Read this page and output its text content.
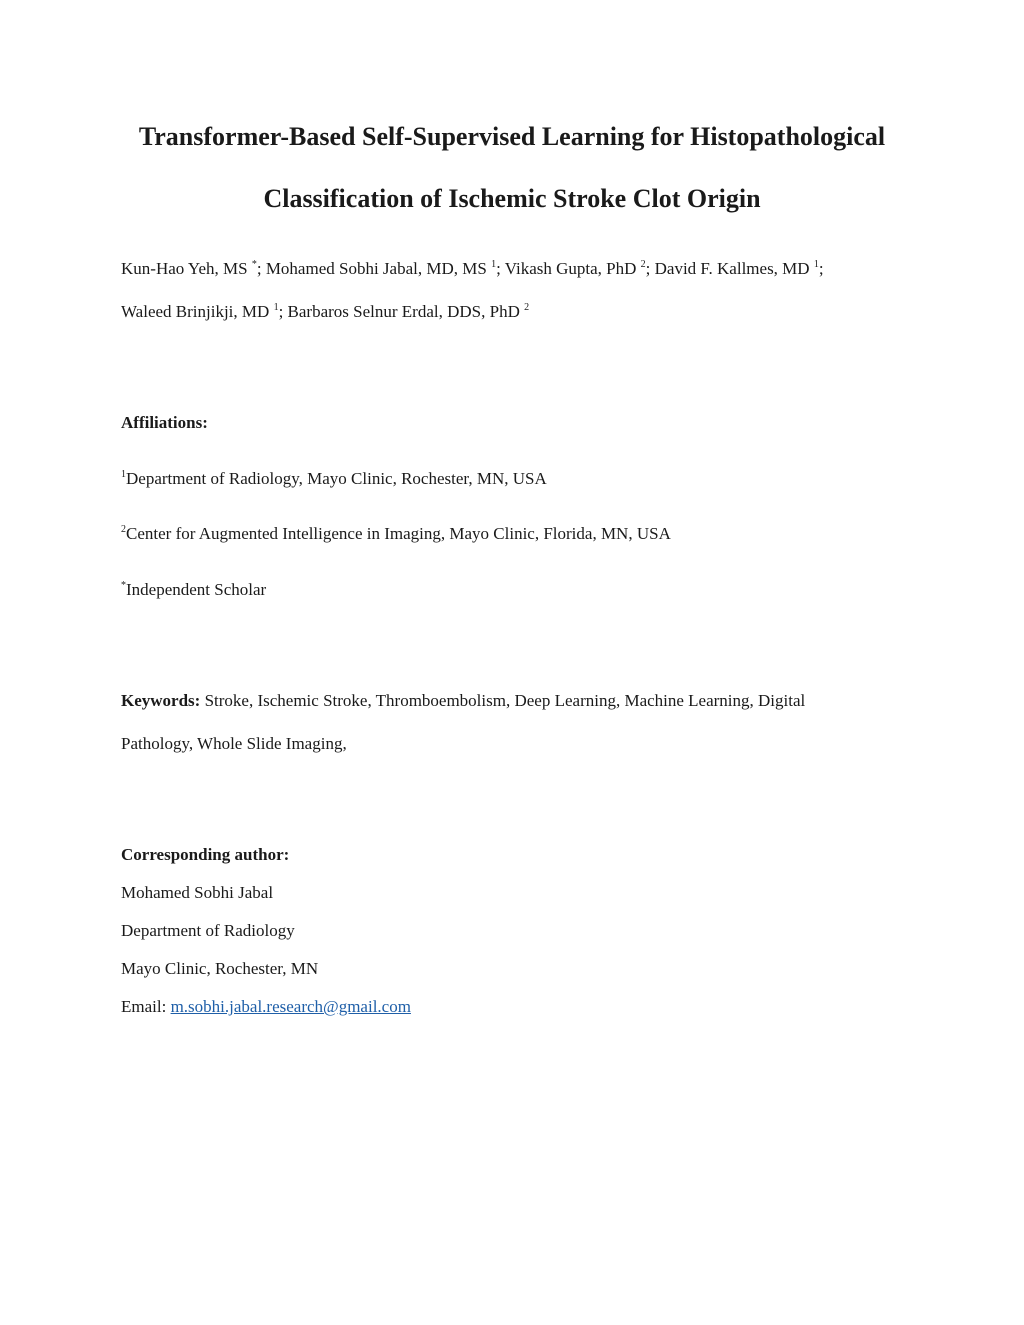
Transformer-Based Self-Supervised Learning for Histopathological
Classification of Ischemic Stroke Clot Origin

Kun-Hao Yeh, MS *; Mohamed Sobhi Jabal, MD, MS $^1$; Vikash Gupta, PhD $^2$; David F. Kallmes, MD $^1$;

Waleed Brinjikji, MD $^1$; Barbaros Selnur Erdal, DDS, PhD $^2$

Affiliations:

$^1$Department of Radiology, Mayo Clinic, Rochester, MN, USA

$^2$Center for Augmented Intelligence in Imaging, Mayo Clinic, Florida, MN, USA

*Independent Scholar

Keywords: Stroke, Ischemic Stroke, Thromboembolism, Deep Learning, Machine Learning, Digital

Pathology, Whole Slide Imaging,

Corresponding author:

Mohamed Sobhi Jabal

Department of Radiology

Mayo Clinic, Rochester, MN

Email: m.sobhi.jabal.research@gmail.com
